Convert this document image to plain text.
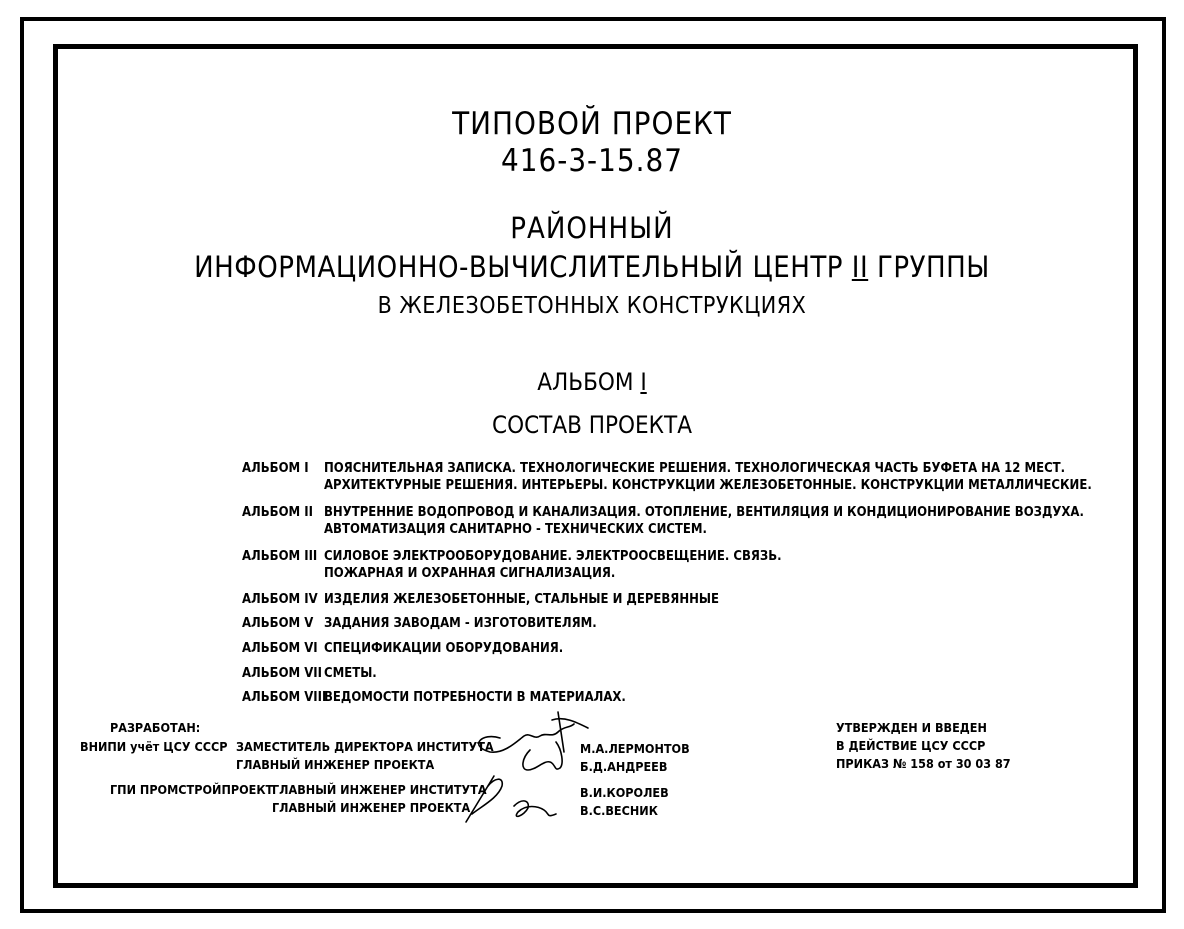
ТИПОВОЙ ПРОЕКТ
416-3-15.87
РАЙОННЫЙ
ИНФОРМАЦИОННО-ВЫЧИСЛИТЕЛЬНЫЙ ЦЕНТР II ГРУППЫ
В ЖЕЛЕЗОБЕТОННЫХ КОНСТРУКЦИЯХ
АЛЬБОМ I
СОСТАВ ПРОЕКТА
АЛЬБОМ I	ПОЯСНИТЕЛЬНАЯ ЗАПИСКА. ТЕХНОЛОГИЧЕСКИЕ РЕШЕНИЯ. ТЕХНОЛОГИЧЕСКАЯ ЧАСТЬ БУФЕТА НА 12 МЕСТ.
АРХИТЕКТУРНЫЕ РЕШЕНИЯ. ИНТЕРЬЕРЫ. КОНСТРУКЦИИ ЖЕЛЕЗОБЕТОННЫЕ. КОНСТРУКЦИИ МЕТАЛЛИЧЕСКИЕ.
АЛЬБОМ II ВНУТРЕННИЕ ВОДОПРОВОД И КАНАЛИЗАЦИЯ. ОТОПЛЕНИЕ, ВЕНТИЛЯЦИЯ И КОНДИЦИОНИРОВАНИЕ ВОЗДУХА.
АВТОМАТИЗАЦИЯ САНИТАРНО - ТЕХНИЧЕСКИХ СИСТЕМ.
АЛЬБОМ III СИЛОВОЕ ЭЛЕКТРООБОРУДОВАНИЕ. ЭЛЕКТРООСВЕЩЕНИЕ. СВЯЗЬ.
ПОЖАРНАЯ И ОХРАННАЯ СИГНАЛИЗАЦИЯ.
АЛЬБОМ IV ИЗДЕЛИЯ ЖЕЛЕЗОБЕТОННЫЕ, СТАЛЬНЫЕ И ДЕРЕВЯННЫЕ
АЛЬБОМ V ЗАДАНИЯ ЗАВОДАМ - ИЗГОТОВИТЕЛЯМ.
АЛЬБОМ VI СПЕЦИФИКАЦИИ ОБОРУДОВАНИЯ.
АЛЬБОМ VII СМЕТЫ.
АЛЬБОМ VIII
ВЕДОМОСТИ ПОТРЕБНОСТИ В МАТЕРИАЛАХ.
РАЗРАБОТАН:
ВНИПИ учёт ЦСУ СССР ЗАМЕСТИТЕЛЬ ДИРЕКТОРА ИНСТИТУТА
ГЛАВНЫЙ ИНЖЕНЕР ПРОЕКТА
М.А.ЛЕРМОНТОВ
Б.Д.АНДРЕЕВ
ГПИ ПРОМСТРОЙПРОЕКТ
ГЛАВНЫЙ ИНЖЕНЕР ИНСТИТУТА
ГЛАВНЫЙ ИНЖЕНЕР ПРОЕКТА
В.И.КОРОЛЕВ
В.С.ВЕСНИК
УТВЕРЖДЕН И ВВЕДЕН
В ДЕЙСТВИЕ ЦСУ СССР
ПРИКАЗ № 158 от 30 03 87
